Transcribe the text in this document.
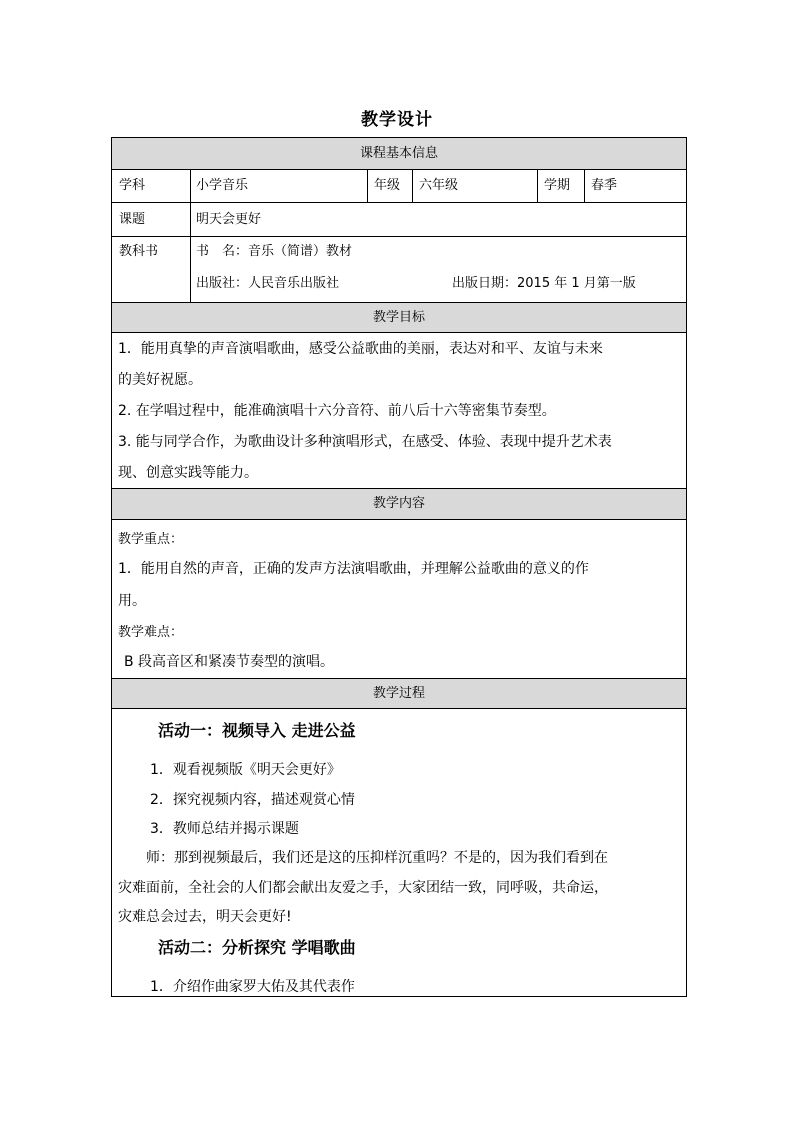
教学设计
课程基本信息
学科	小学音乐	年级 六年级	学期 春季
课题	明天会更好
教科书	书　名：音乐（简谱）教材
出版社：人民音乐出版社	出版日期：2015 年 1 月第一版
教学目标
1．能用真挚的声音演唱歌曲，感受公益歌曲的美丽，表达对和平、友谊与未来
的美好祝愿。
2. 在学唱过程中，能准确演唱十六分音符、前八后十六等密集节奏型。
3. 能与同学合作，为歌曲设计多种演唱形式，在感受、体验、表现中提升艺术表
现、创意实践等能力。
教学内容
教学重点：
1．能用自然的声音，正确的发声方法演唱歌曲，并理解公益歌曲的意义的作
用。
教学难点：
B 段高音区和紧凑节奏型的演唱。
教学过程
活动一：视频导入 走进公益
1．观看视频版《明天会更好》
2．探究视频内容，描述观赏心情
3．教师总结并揭示课题
师：那到视频最后，我们还是这的压抑样沉重吗？不是的，因为我们看到在
灾难面前，全社会的人们都会献出友爱之手，大家团结一致，同呼吸，共命运，
灾难总会过去，明天会更好!
活动二：分析探究 学唱歌曲
1．介绍作曲家罗大佑及其代表作
